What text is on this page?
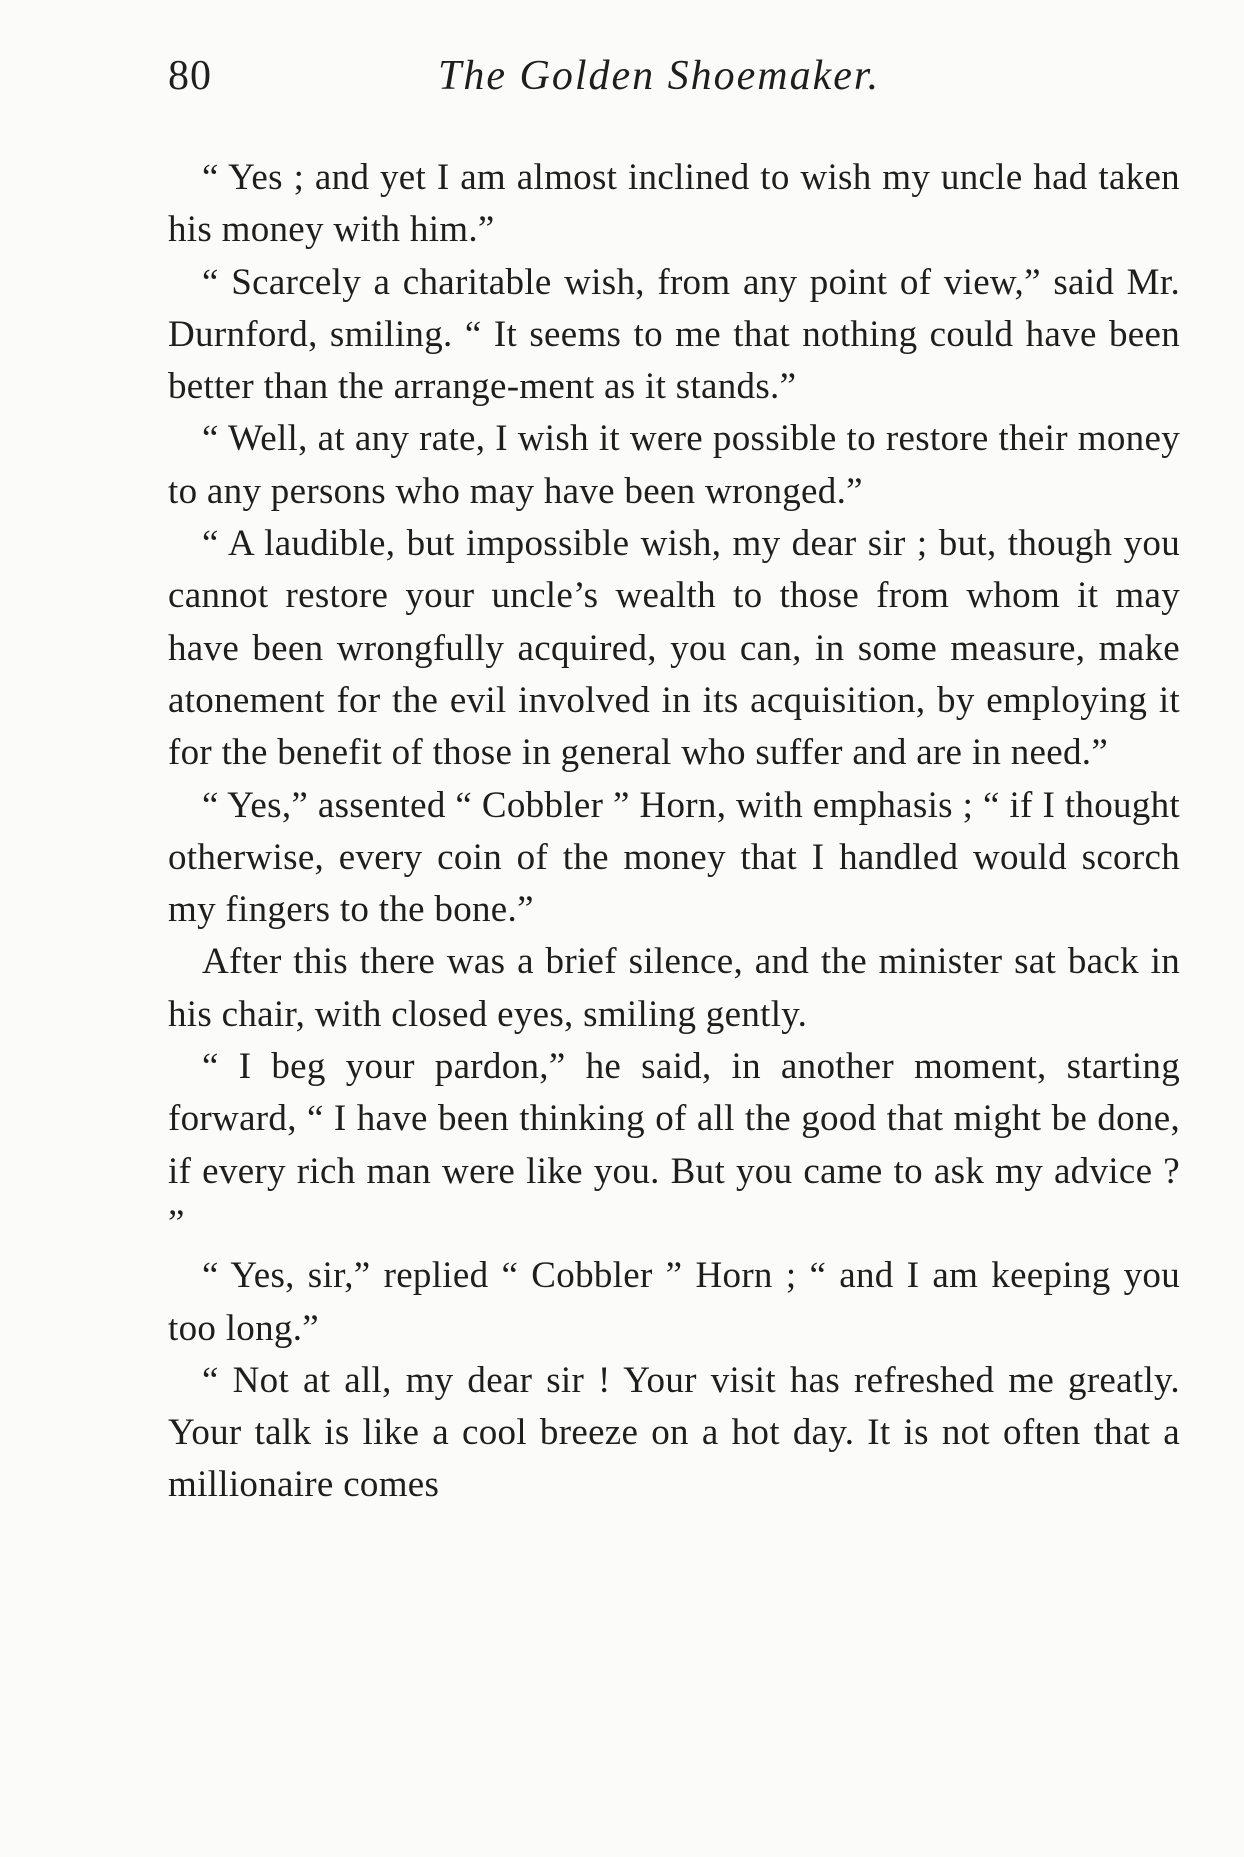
80	The Golden Shoemaker.

“ Yes ; and yet I am almost inclined to wish my uncle had taken his money with him.”

“ Scarcely a charitable wish, from any point of view,” said Mr. Durnford, smiling. “ It seems to me that nothing could have been better than the arrange-ment as it stands.”

“ Well, at any rate, I wish it were possible to restore their money to any persons who may have been wronged.”

“ A laudible, but impossible wish, my dear sir ; but, though you cannot restore your uncle’s wealth to those from whom it may have been wrongfully acquired, you can, in some measure, make atonement for the evil involved in its acquisition, by employing it for the benefit of those in general who suffer and are in need.”

“ Yes,” assented “ Cobbler ” Horn, with emphasis ; “ if I thought otherwise, every coin of the money that I handled would scorch my fingers to the bone.”

After this there was a brief silence, and the minister sat back in his chair, with closed eyes, smiling gently.

“ I beg your pardon,” he said, in another moment, starting forward, “ I have been thinking of all the good that might be done, if every rich man were like you. But you came to ask my advice ? ”

“ Yes, sir,” replied “ Cobbler ” Horn ; “ and I am keeping you too long.”

“ Not at all, my dear sir ! Your visit has refreshed me greatly. Your talk is like a cool breeze on a hot day. It is not often that a millionaire comes
